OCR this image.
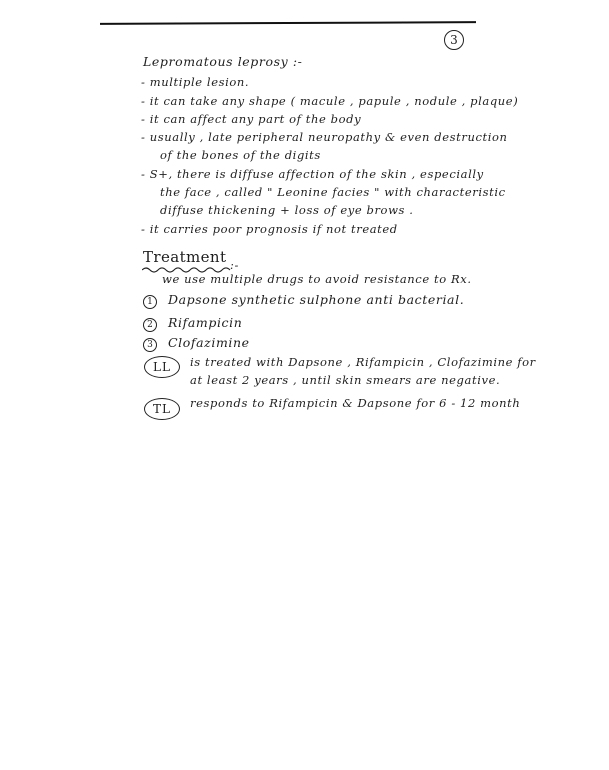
3
Lepromatous leprosy :-
- multiple lesion.
- it can take any shape ( macule , papule , nodule , plaque)
- it can affect any part of the body
- usually , late peripheral neuropathy & even destruction
of the bones of the digits
- S+, there is diffuse affection of the skin , especially
the face , called " Leonine facies " with characteristic
diffuse thickening + loss of eye brows .
- it carries poor prognosis if not treated
Treatment :-
we use multiple drugs to avoid resistance to Rx.
1	Dapsone synthetic sulphone anti bacterial.
2	Rifampicin
3	Clofazimine
LL	is treated with Dapsone , Rifampicin , Clofazimine for
at least 2 years , until skin smears are negative.
TL	responds to Rifampicin & Dapsone for 6 - 12 month
